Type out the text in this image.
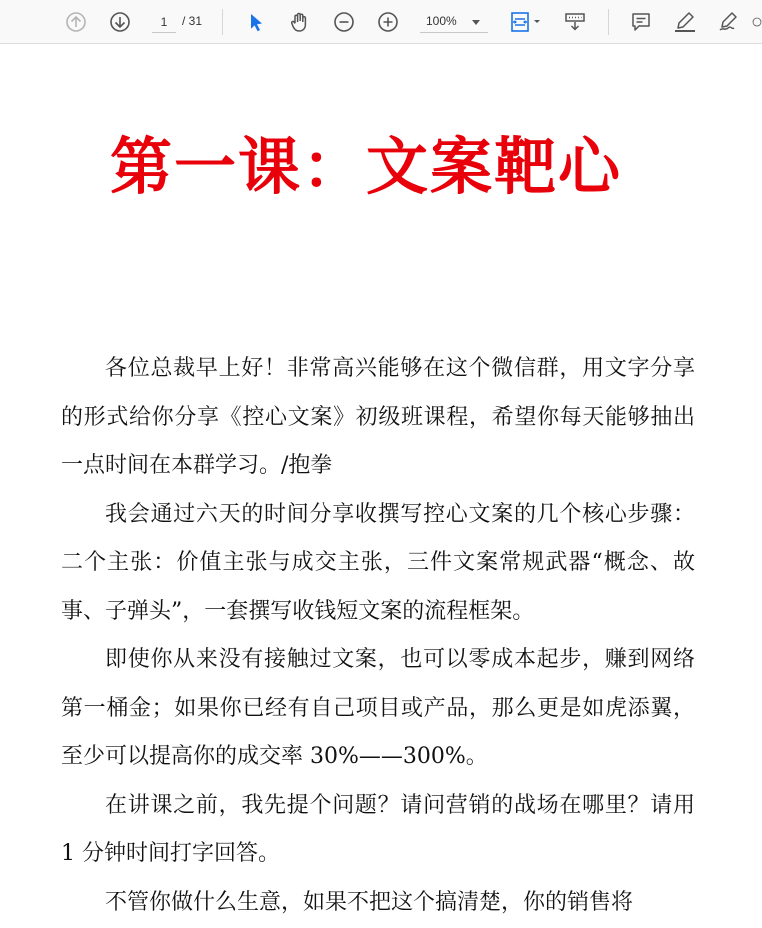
1
/ 31	100%
第一课：文案靶心

各位总裁早上好！非常高兴能够在这个微信群，用文字分享的形式给你分享《控心文案》初级班课程，希望你每天能够抽出一点时间在本群学习。/抱拳

我会通过六天的时间分享收撰写控心文案的几个核心步骤：二个主张：价值主张与成交主张，三件文案常规武器“概念、故事、子弹头”，一套撰写收钱短文案的流程框架。

即使你从来没有接触过文案，也可以零成本起步，赚到网络第一桶金；如果你已经有自己项目或产品，那么更是如虎添翼，至少可以提高你的成交率 30%——300%。

在讲课之前，我先提个问题？请问营销的战场在哪里？请用 1 分钟时间打字回答。

不管你做什么生意，如果不把这个搞清楚，你的销售将
